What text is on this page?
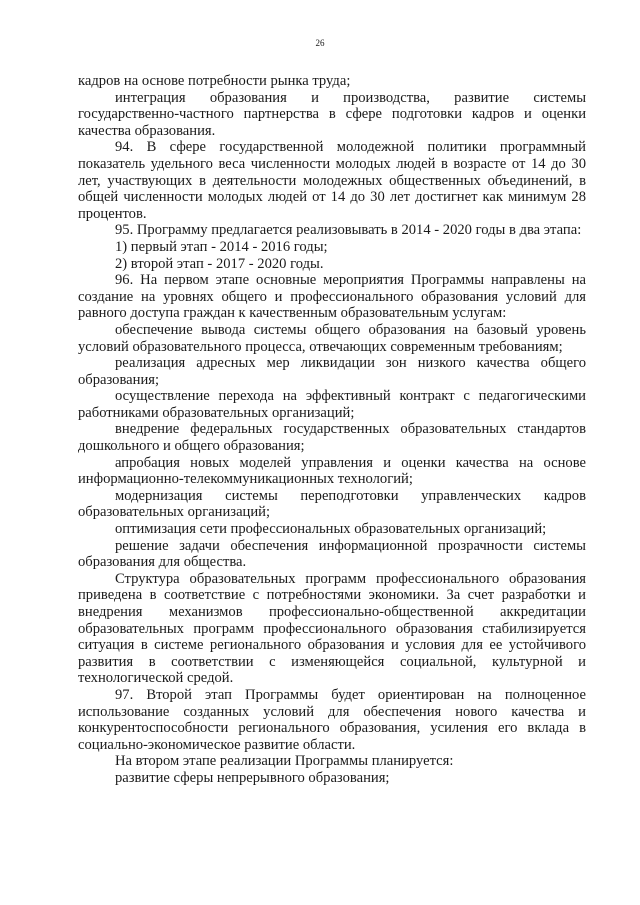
26

кадров на основе потребности рынка труда;

интеграция образования и производства, развитие системы государственно-частного партнерства в сфере подготовки кадров и оценки качества образования.

94. В сфере государственной молодежной политики программный показатель удельного веса численности молодых людей в возрасте от 14 до 30 лет, участвующих в деятельности молодежных общественных объединений, в общей численности молодых людей от 14 до 30 лет достигнет как минимум 28 процентов.

95. Программу предлагается реализовывать в 2014 - 2020 годы в два этапа:

1) первый этап - 2014 - 2016 годы;

2) второй этап - 2017 - 2020 годы.

96. На первом этапе основные мероприятия Программы направлены на создание на уровнях общего и профессионального образования условий для равного доступа граждан к качественным образовательным услугам:

обеспечение вывода системы общего образования на базовый уровень условий образовательного процесса, отвечающих современным требованиям;

реализация адресных мер ликвидации зон низкого качества общего образования;

осуществление перехода на эффективный контракт с педагогическими работниками образовательных организаций;

внедрение федеральных государственных образовательных стандартов дошкольного и общего образования;

апробация новых моделей управления и оценки качества на основе информационно-телекоммуникационных технологий;

модернизация системы переподготовки управленческих кадров образовательных организаций;

оптимизация сети профессиональных образовательных организаций;

решение задачи обеспечения информационной прозрачности системы образования для общества.

Структура образовательных программ профессионального образования приведена в соответствие с потребностями экономики. За счет разработки и внедрения механизмов профессионально-общественной аккредитации образовательных программ профессионального образования стабилизируется ситуация в системе регионального образования и условия для ее устойчивого развития в соответствии с изменяющейся социальной, культурной и технологической средой.

97. Второй этап Программы будет ориентирован на полноценное использование созданных условий для обеспечения нового качества и конкурентоспособности регионального образования, усиления его вклада в социально-экономическое развитие области.

На втором этапе реализации Программы планируется:

развитие сферы непрерывного образования;
